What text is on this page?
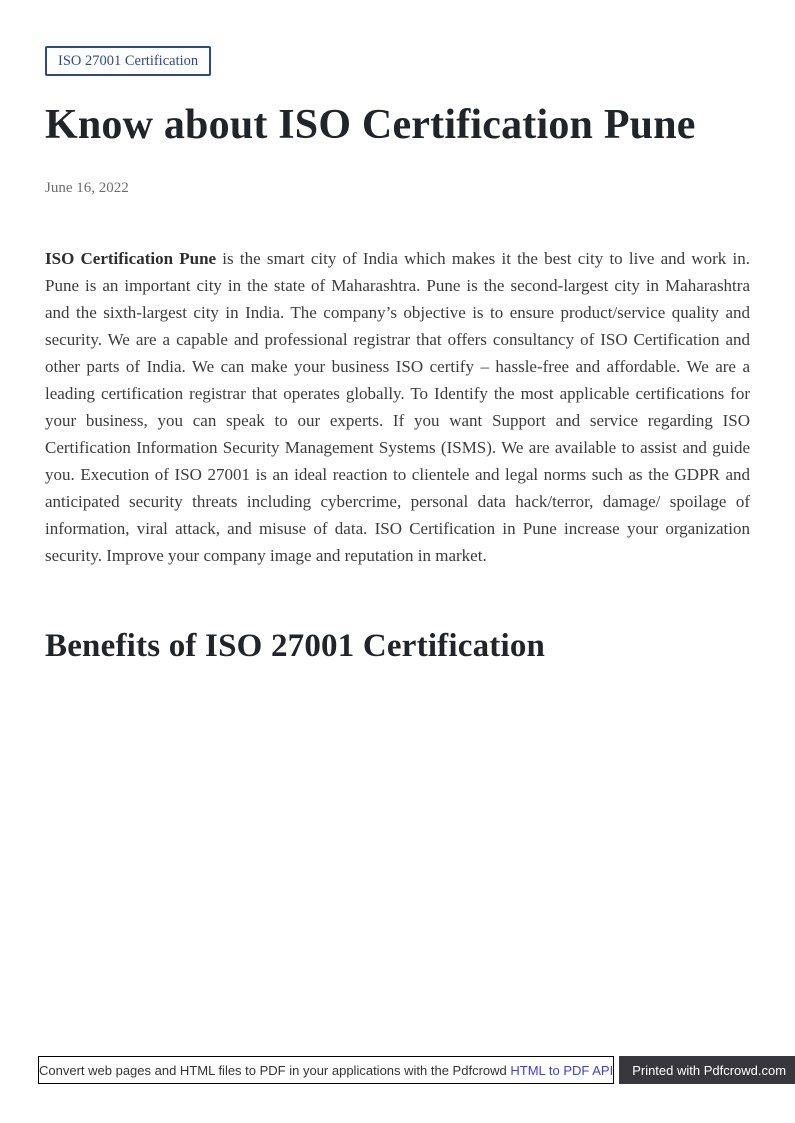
ISO 27001 Certification
Know about ISO Certification Pune
June 16, 2022

ISO Certification Pune is the smart city of India which makes it the best city to live and work in. Pune is an important city in the state of Maharashtra. Pune is the second-largest city in Maharashtra and the sixth-largest city in India. The company’s objective is to ensure product/service quality and security. We are a capable and professional registrar that offers consultancy of ISO Certification and other parts of India. We can make your business ISO certify – hassle-free and affordable. We are a leading certification registrar that operates globally. To Identify the most applicable certifications for your business, you can speak to our experts. If you want Support and service regarding ISO Certification Information Security Management Systems (ISMS). We are available to assist and guide you. Execution of ISO 27001 is an ideal reaction to clientele and legal norms such as the GDPR and anticipated security threats including cybercrime, personal data hack/terror, damage/ spoilage of information, viral attack, and misuse of data. ISO Certification in Pune increase your organization security. Improve your company image and reputation in market.

Benefits of ISO 27001 Certification
Convert web pages and HTML files to PDF in your applications with the Pdfcrowd HTML to PDF API	Printed with Pdfcrowd.com
